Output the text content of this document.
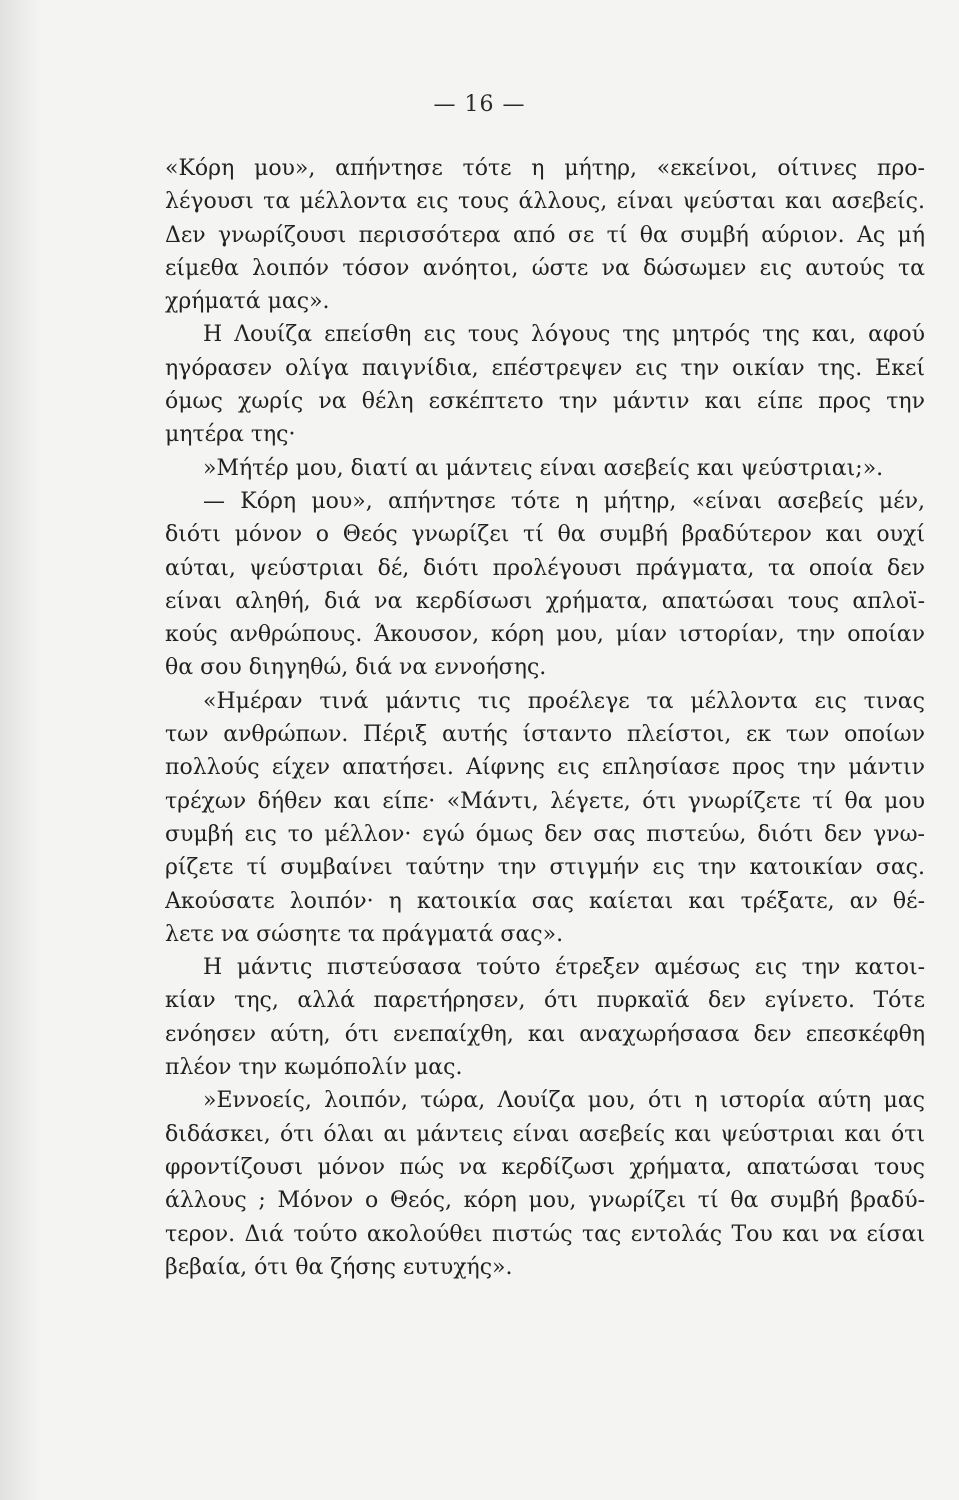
— 16 —
«Κόρη μου», απήντησε τότε η μήτηρ, «εκείνοι, οίτινες προ-
λέγουσι τα μέλλοντα εις τους άλλους, είναι ψεύσται και ασεβείς.
Δεν γνωρίζουσι περισσότερα από σε τί θα συμβή αύριον. Ας μή
είμεθα λοιπόν τόσον ανόητοι, ώστε να δώσωμεν εις αυτούς τα
χρήματά μας».
Η Λουίζα επείσθη εις τους λόγους της μητρός της και, αφού
ηγόρασεν ολίγα παιγνίδια, επέστρεψεν εις την οικίαν της. Εκεί
όμως χωρίς να θέλη εσκέπτετο την μάντιν και είπε προς την
μητέρα της·
»Μήτέρ μου, διατί αι μάντεις είναι ασεβείς και ψεύστριαι;».
— Κόρη μου», απήντησε τότε η μήτηρ, «είναι ασεβείς μέν,
διότι μόνον ο Θεός γνωρίζει τί θα συμβή βραδύτερον και ουχί
αύται, ψεύστριαι δέ, διότι προλέγουσι πράγματα, τα οποία δεν
είναι αληθή, διά να κερδίσωσι χρήματα, απατώσαι τους απλοϊ-
κούς ανθρώπους. Άκουσον, κόρη μου, μίαν ιστορίαν, την οποίαν
θα σου διηγηθώ, διά να εννοήσης.
«Ημέραν τινά μάντις τις προέλεγε τα μέλλοντα εις τινας
των ανθρώπων. Πέριξ αυτής ίσταντο πλείστοι, εκ των οποίων
πολλούς είχεν απατήσει. Αίφνης εις επλησίασε προς την μάντιν
τρέχων δήθεν και είπε· «Μάντι, λέγετε, ότι γνωρίζετε τί θα μου
συμβή εις το μέλλον· εγώ όμως δεν σας πιστεύω, διότι δεν γνω-
ρίζετε τί συμβαίνει ταύτην την στιγμήν εις την κατοικίαν σας.
Ακούσατε λοιπόν· η κατοικία σας καίεται και τρέξατε, αν θέ-
λετε να σώσητε τα πράγματά σας».
Η μάντις πιστεύσασα τούτο έτρεξεν αμέσως εις την κατοι-
κίαν της, αλλά παρετήρησεν, ότι πυρκαϊά δεν εγίνετο. Τότε
ενόησεν αύτη, ότι ενεπαίχθη, και αναχωρήσασα δεν επεσκέφθη
πλέον την κωμόπολίν μας.
»Εννοείς, λοιπόν, τώρα, Λουίζα μου, ότι η ιστορία αύτη μας
διδάσκει, ότι όλαι αι μάντεις είναι ασεβείς και ψεύστριαι και ότι
φροντίζουσι μόνον πώς να κερδίζωσι χρήματα, απατώσαι τους
άλλους ; Μόνον ο Θεός, κόρη μου, γνωρίζει τί θα συμβή βραδύ-
τερον. Διά τούτο ακολούθει πιστώς τας εντολάς Του και να είσαι
βεβαία, ότι θα ζήσης ευτυχής».
